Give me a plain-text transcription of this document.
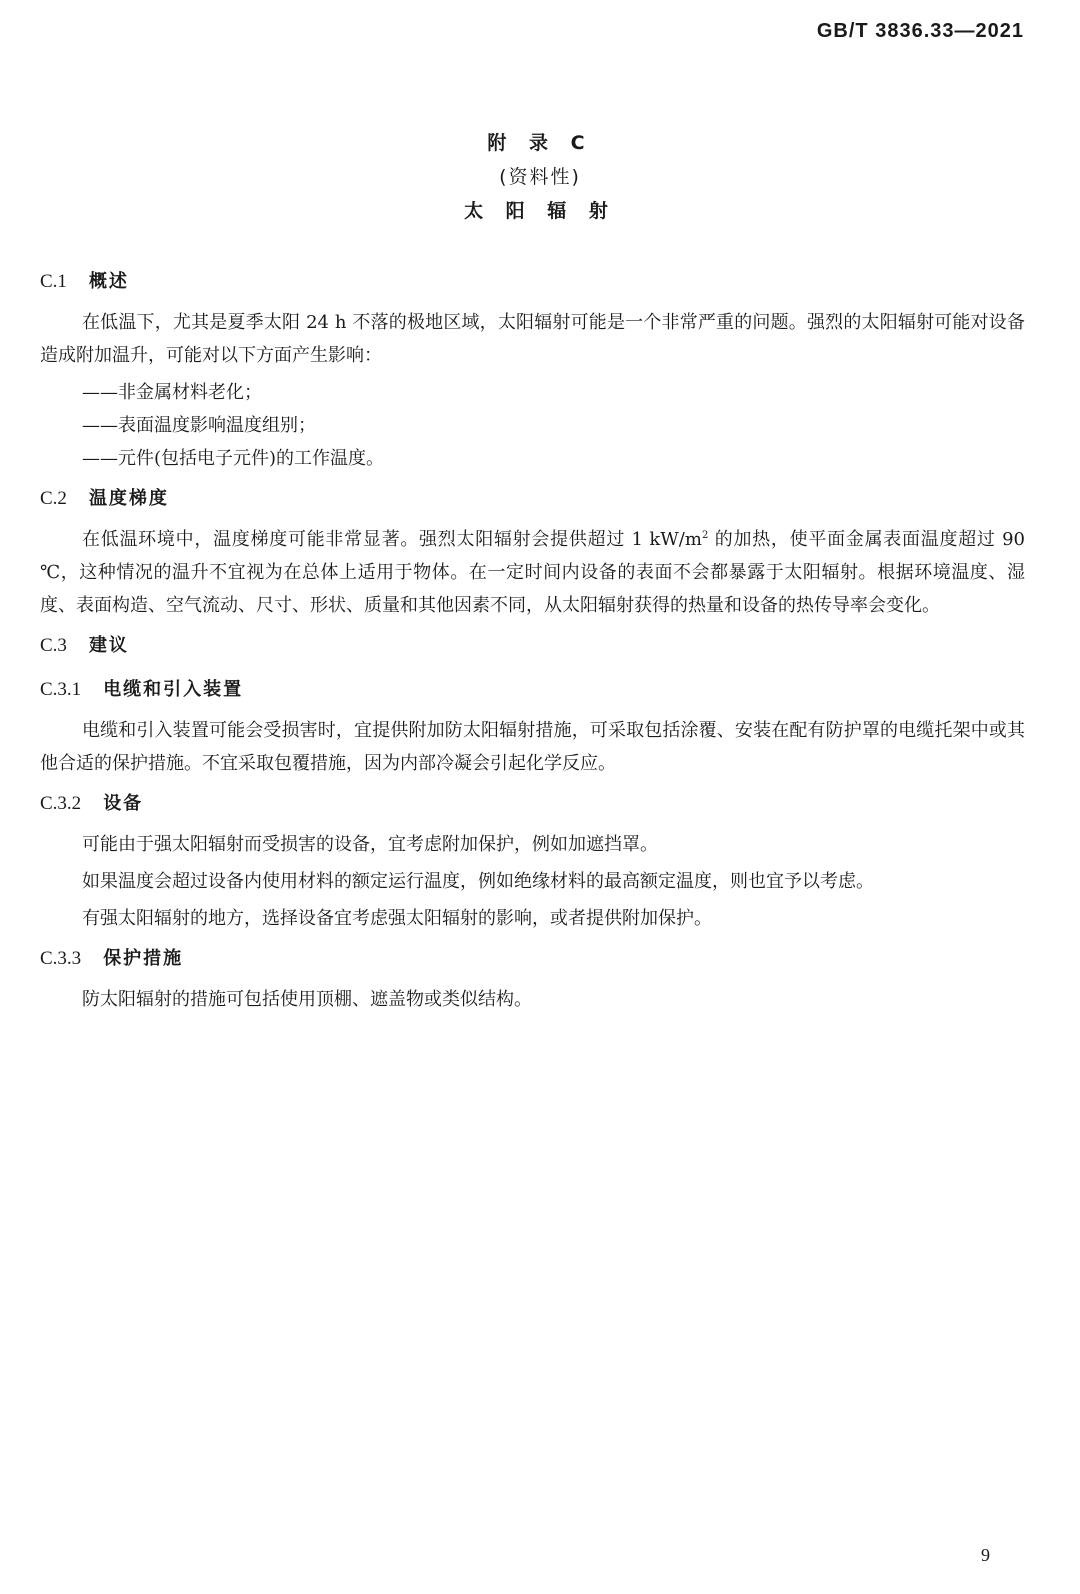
GB/T 3836.33—2021
附 录 C
(资料性)
太 阳 辐 射
C.1 概述
在低温下，尤其是夏季太阳 24 h 不落的极地区域，太阳辐射可能是一个非常严重的问题。强烈的太阳辐射可能对设备造成附加温升，可能对以下方面产生影响：
——非金属材料老化；
——表面温度影响温度组别；
——元件(包括电子元件)的工作温度。
C.2 温度梯度
在低温环境中，温度梯度可能非常显著。强烈太阳辐射会提供超过 1 $kW/m^2$ 的加热，使平面金属表面温度超过 90 ℃，这种情况的温升不宜视为在总体上适用于物体。在一定时间内设备的表面不会都暴露于太阳辐射。根据环境温度、湿度、表面构造、空气流动、尺寸、形状、质量和其他因素不同，从太阳辐射获得的热量和设备的热传导率会变化。
C.3 建议
C.3.1 电缆和引入装置
电缆和引入装置可能会受损害时，宜提供附加防太阳辐射措施，可采取包括涂覆、安装在配有防护罩的电缆托架中或其他合适的保护措施。不宜采取包覆措施，因为内部冷凝会引起化学反应。
C.3.2 设备
可能由于强太阳辐射而受损害的设备，宜考虑附加保护，例如加遮挡罩。
如果温度会超过设备内使用材料的额定运行温度，例如绝缘材料的最高额定温度，则也宜予以考虑。
有强太阳辐射的地方，选择设备宜考虑强太阳辐射的影响，或者提供附加保护。
C.3.3 保护措施
防太阳辐射的措施可包括使用顶棚、遮盖物或类似结构。
9
